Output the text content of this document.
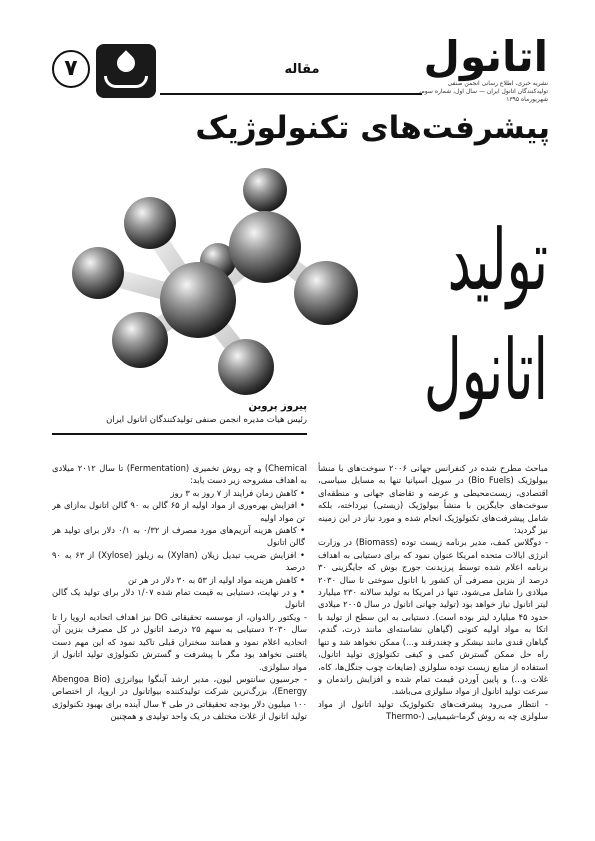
۷	مقاله اتانول
نشریه خبری، اطلاع رسانی انجمن صنفی تولیدکنندگان اتانول ایران — سال اول، شماره سوم، شهریورماه ۱۳۹۵
پیشرفت‌های تکنولوژیک
تولید
اتانول
پیروز پروین
رئیس هیات مدیره انجمن صنفی تولیدکنندگان اتانول ایران

مباحث مطرح شده در کنفرانس جهانی ۲۰۰۶ سوخت‌های با منشأ بیولوژیک (Bio Fuels) در سویل اسپانیا تنها به مسایل سیاسی، اقتصادی، زیست‌محیطی و عرضه و تقاضای جهانی و منطقه‌ای سوخت‌های جایگزین با منشأ بیولوژیک (زیستی) نپرداخته، بلکه شامل پیشرفت‌های تکنولوژیک انجام شده و مورد نیاز در این زمینه نیز گردید:

- دوگلاس کمف، مدیر برنامه زیست توده (Biomass) در وزارت انرژی ایالات متحده امریکا عنوان نمود که برای دستیابی به اهداف برنامه اعلام شده توسط پرزیدنت جورج بوش که جایگزینی ۳۰ درصد از بنزین مصرفی آن کشور با اتانول سوختی تا سال ۲۰۳۰ میلادی را شامل می‌شود، تنها در امریکا به تولید سالانه ۲۳۰ میلیارد لیتر اتانول نیاز خواهد بود (تولید جهانی اتانول در سال ۲۰۰۵ میلادی حدود ۴۵ میلیارد لیتر بوده است). دستیابی به این سطح از تولید با اتکا به مواد اولیه کنونی (گیاهان نشاسته‌ای مانند ذرت، گندم، گیاهان قندی مانند نیشکر و چغندرقند و...) ممکن نخواهد شد و تنها راه حل ممکن گسترش کمی و کیفی تکنولوژی تولید اتانول، استفاده از منابع زیست توده سلولزی (ضایعات چوب جنگل‌ها، کاه، غلات و...) و پایین آوردن قیمت تمام شده و افزایش راندمان و سرعت تولید اتانول از مواد سلولزی می‌باشد.

- انتظار می‌رود پیشرفت‌های تکنولوژیک تولید اتانول از مواد سلولزی چه به روش گرما-شیمیایی (-Thermo

Chemical) و چه روش تخمیری (Fermentation) تا سال ۲۰۱۲ میلادی به اهداف مشروحه زیر دست یابد:

• کاهش زمان فرایند از ۷ روز به ۳ روز
• افزایش بهره‌وری از مواد اولیه از ۶۵ گالن به ۹۰ گالن اتانول به‌ازای هر تن مواد اولیه
• کاهش هزینه آنزیم‌های مورد مصرف از ۰/۳۲ به ۰/۱ دلار برای تولید هر گالن اتانول
• افزایش ضریب تبدیل زیلان (Xylan) به زیلوز (Xylose) از ۶۳ به ۹۰ درصد
• کاهش هزینه مواد اولیه از ۵۳ به ۳۰ دلار در هر تن
• و در نهایت، دستیابی به قیمت تمام شده ۱/۰۷ دلار برای تولید یک گالن اتانول

- ویکتور رالدوان، از موسسه تحقیقاتی DG نیز اهداف اتحادیه اروپا را تا سال ۲۰۳۰ دستیابی به سهم ۲۵ درصد اتانول در کل مصرف بنزین آن اتحادیه اعلام نمود و همانند سخنران قبلی تاکید نمود که این مهم دست یافتنی نخواهد بود مگر با پیشرفت و گسترش تکنولوژی تولید اتانول از مواد سلولزی.

- جرسیون سانتوس لیون، مدیر ارشد آبنگوا بیوانرژی (Abengoa Bio Energy)، بزرگ‌ترین شرکت تولیدکننده بیواتانول در اروپا، از اختصاص ۱۰۰ میلیون دلار بودجه تحقیقاتی در طی ۴ سال آینده برای بهبود تکنولوژی تولید اتانول از غلات مختلف در یک واحد تولیدی و همچنین
